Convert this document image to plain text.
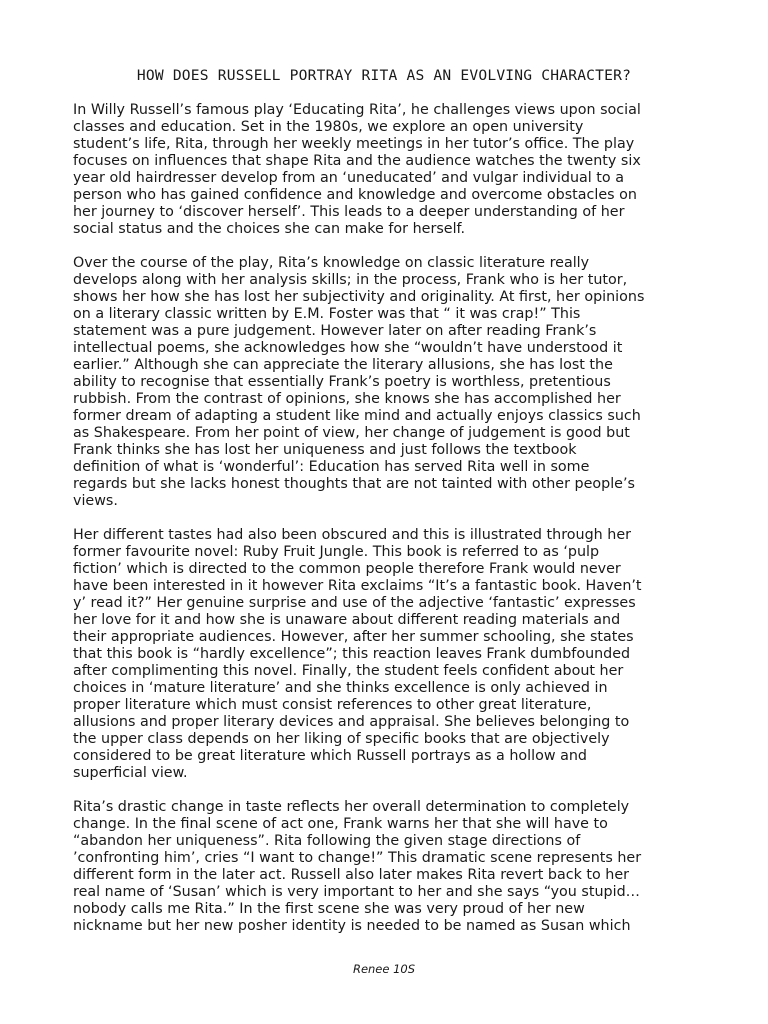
HOW DOES RUSSELL PORTRAY RITA AS AN EVOLVING CHARACTER?

In Willy Russell’s famous play ‘Educating Rita’, he challenges views upon social
classes and education. Set in the 1980s, we explore an open university
student’s life, Rita, through her weekly meetings in her tutor’s office. The play
focuses on influences that shape Rita and the audience watches the twenty six
year old hairdresser develop from an ‘uneducated’ and vulgar individual to a
person who has gained confidence and knowledge and overcome obstacles on
her journey to ‘discover herself’. This leads to a deeper understanding of her
social status and the choices she can make for herself.

Over the course of the play, Rita’s knowledge on classic literature really
develops along with her analysis skills; in the process, Frank who is her tutor,
shows her how she has lost her subjectivity and originality. At first, her opinions
on a literary classic written by E.M. Foster was that “ it was crap!” This
statement was a pure judgement. However later on after reading Frank’s
intellectual poems, she acknowledges how she “wouldn’t have understood it
earlier.” Although she can appreciate the literary allusions, she has lost the
ability to recognise that essentially Frank’s poetry is worthless, pretentious
rubbish. From the contrast of opinions, she knows she has accomplished her
former dream of adapting a student like mind and actually enjoys classics such
as Shakespeare. From her point of view, her change of judgement is good but
Frank thinks she has lost her uniqueness and just follows the textbook
definition of what is ‘wonderful’: Education has served Rita well in some
regards but she lacks honest thoughts that are not tainted with other people’s
views.

Her different tastes had also been obscured and this is illustrated through her
former favourite novel: Ruby Fruit Jungle. This book is referred to as ‘pulp
fiction’ which is directed to the common people therefore Frank would never
have been interested in it however Rita exclaims “It’s a fantastic book. Haven’t
y’ read it?” Her genuine surprise and use of the adjective ‘fantastic’ expresses
her love for it and how she is unaware about different reading materials and
their appropriate audiences. However, after her summer schooling, she states
that this book is “hardly excellence”; this reaction leaves Frank dumbfounded
after complimenting this novel. Finally, the student feels confident about her
choices in ‘mature literature’ and she thinks excellence is only achieved in
proper literature which must consist references to other great literature,
allusions and proper literary devices and appraisal. She believes belonging to
the upper class depends on her liking of specific books that are objectively
considered to be great literature which Russell portrays as a hollow and
superficial view.

Rita’s drastic change in taste reflects her overall determination to completely
change. In the final scene of act one, Frank warns her that she will have to
“abandon her uniqueness”. Rita following the given stage directions of
’confronting him’, cries “I want to change!” This dramatic scene represents her
different form in the later act. Russell also later makes Rita revert back to her
real name of ‘Susan’ which is very important to her and she says “you stupid…
nobody calls me Rita.” In the first scene she was very proud of her new
nickname but her new posher identity is needed to be named as Susan which

Renee 10S
